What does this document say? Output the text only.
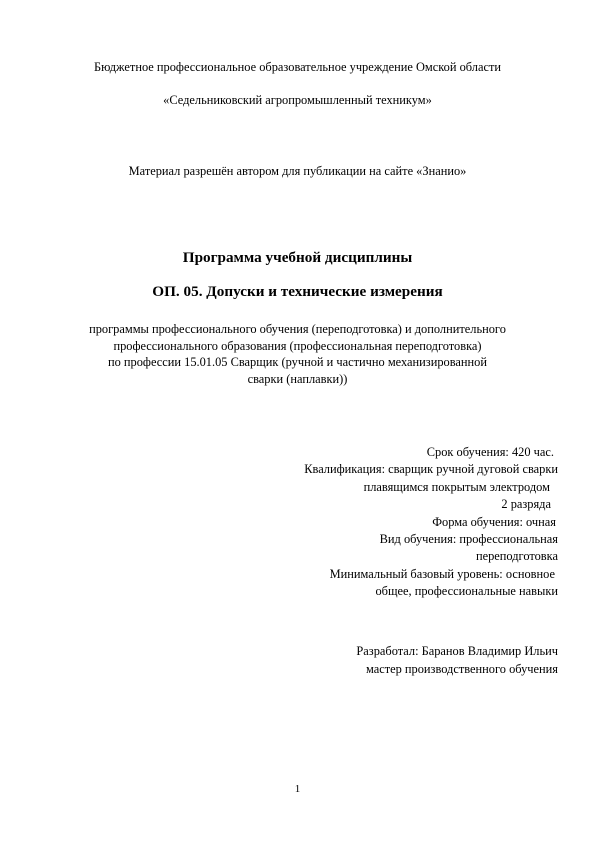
Бюджетное профессиональное образовательное учреждение Омской области
«Седельниковский агропромышленный техникум»
Материал разрешён автором для публикации на сайте «Знанио»
Программа учебной дисциплины
ОП. 05. Допуски и технические измерения
программы профессионального обучения (переподготовка) и дополнительного
профессионального образования (профессиональная переподготовка)
по профессии 15.01.05 Сварщик (ручной и частично механизированной
сварки (наплавки))
Срок обучения: 420 час.
Квалификация: сварщик ручной дуговой сварки
плавящимся покрытым электродом
2 разряда
Форма обучения: очная
Вид обучения: профессиональная
переподготовка
Минимальный базовый уровень: основное
общее, профессиональные навыки
Разработал: Баранов Владимир Ильич
мастер производственного обучения
1
